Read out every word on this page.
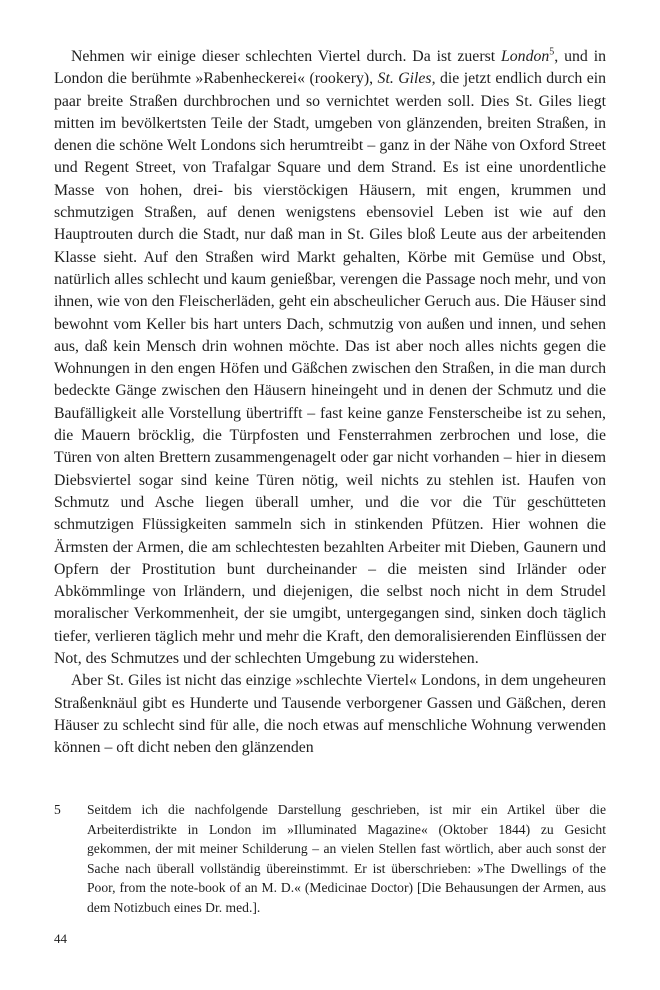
Nehmen wir einige dieser schlechten Viertel durch. Da ist zuerst London$^5$, und in London die berühmte »Rabenheckerei« (rookery), St. Giles, die jetzt endlich durch ein paar breite Straßen durchbrochen und so vernichtet werden soll. Dies St. Giles liegt mitten im bevölkertsten Teile der Stadt, umgeben von glänzenden, breiten Straßen, in denen die schöne Welt Londons sich herumtreibt – ganz in der Nähe von Oxford Street und Regent Street, von Trafalgar Square und dem Strand. Es ist eine unordentliche Masse von hohen, drei- bis vierstöckigen Häusern, mit engen, krummen und schmutzigen Straßen, auf denen wenigstens ebensoviel Leben ist wie auf den Hauptrouten durch die Stadt, nur daß man in St. Giles bloß Leute aus der arbeitenden Klasse sieht. Auf den Straßen wird Markt gehalten, Körbe mit Gemüse und Obst, natürlich alles schlecht und kaum genießbar, verengen die Passage noch mehr, und von ihnen, wie von den Fleischerläden, geht ein abscheulicher Geruch aus. Die Häuser sind bewohnt vom Keller bis hart unters Dach, schmutzig von außen und innen, und sehen aus, daß kein Mensch drin wohnen möchte. Das ist aber noch alles nichts gegen die Wohnungen in den engen Höfen und Gäßchen zwischen den Straßen, in die man durch bedeckte Gänge zwischen den Häusern hineingeht und in denen der Schmutz und die Baufälligkeit alle Vorstellung übertrifft – fast keine ganze Fensterscheibe ist zu sehen, die Mauern bröcklig, die Türpfosten und Fensterrahmen zerbrochen und lose, die Türen von alten Brettern zusammengenagelt oder gar nicht vorhanden – hier in diesem Diebsviertel sogar sind keine Türen nötig, weil nichts zu stehlen ist. Haufen von Schmutz und Asche liegen überall umher, und die vor die Tür geschütteten schmutzigen Flüssigkeiten sammeln sich in stinkenden Pfützen. Hier wohnen die Ärmsten der Armen, die am schlechtesten bezahlten Arbeiter mit Dieben, Gaunern und Opfern der Prostitution bunt durcheinander – die meisten sind Irländer oder Abkömmlinge von Irländern, und diejenigen, die selbst noch nicht in dem Strudel moralischer Verkommenheit, der sie umgibt, untergegangen sind, sinken doch täglich tiefer, verlieren täglich mehr und mehr die Kraft, den demoralisierenden Einflüssen der Not, des Schmutzes und der schlechten Umgebung zu widerstehen.

Aber St. Giles ist nicht das einzige »schlechte Viertel« Londons, in dem ungeheuren Straßenknäul gibt es Hunderte und Tausende verborgener Gassen und Gäßchen, deren Häuser zu schlecht sind für alle, die noch etwas auf menschliche Wohnung verwenden können – oft dicht neben den glänzenden

5	Seitdem ich die nachfolgende Darstellung geschrieben, ist mir ein Artikel über die Arbeiterdistrikte in London im »Illuminated Magazine« (Oktober 1844) zu Gesicht gekommen, der mit meiner Schilderung – an vielen Stellen fast wörtlich, aber auch sonst der Sache nach überall vollständig übereinstimmt. Er ist überschrieben: »The Dwellings of the Poor, from the note-book of an M. D.« (Medicinae Doctor) [Die Behausungen der Armen, aus dem Notizbuch eines Dr. med.].

44
